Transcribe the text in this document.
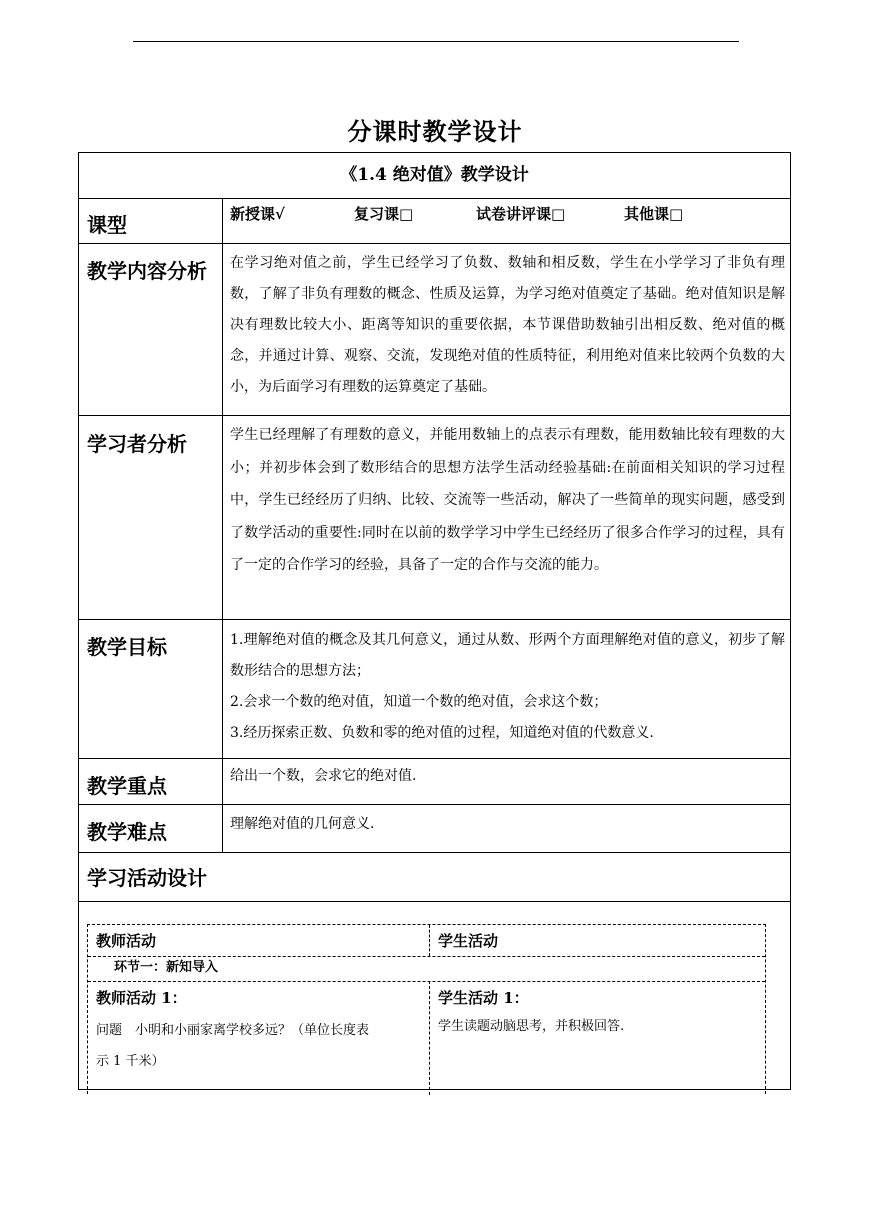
分课时教学设计
《1.4 绝对值》教学设计
课型	新授课√	复习课□	试卷讲评课□	其他课□
教学内容分析 在学习绝对值之前，学生已经学习了负数、数轴和相反数，学生在小学学习了非负有理数，了解了非负有理数的概念、性质及运算，为学习绝对值奠定了基础。绝对值知识是解决有理数比较大小、距离等知识的重要依据，本节课借助数轴引出相反数、绝对值的概念，并通过计算、观察、交流，发现绝对值的性质特征，利用绝对值来比较两个负数的大小，为后面学习有理数的运算奠定了基础。
学习者分析	学生已经理解了有理数的意义，并能用数轴上的点表示有理数，能用数轴比较有理数的大小；并初步体会到了数形结合的思想方法学生活动经验基础:在前面相关知识的学习过程中，学生已经经历了归纳、比较、交流等一些活动，解决了一些简单的现实问题，感受到了数学活动的重要性:同时在以前的数学学习中学生已经经历了很多合作学习的过程，具有了一定的合作学习的经验，具备了一定的合作与交流的能力。
教学目标	1.理解绝对值的概念及其几何意义，通过从数、形两个方面理解绝对值的意义，初步了解数形结合的思想方法；
2.会求一个数的绝对值，知道一个数的绝对值，会求这个数；
3.经历探索正数、负数和零的绝对值的过程，知道绝对值的代数意义.
教学重点	给出一个数，会求它的绝对值.
教学难点	理解绝对值的几何意义.
学习活动设计
教师活动	学生活动
环节一：新知导入
教师活动 1：
问题　小明和小丽家离学校多远？（单位长度表
示 1 千米）
学生活动 1：
学生读题动脑思考，并积极回答.
